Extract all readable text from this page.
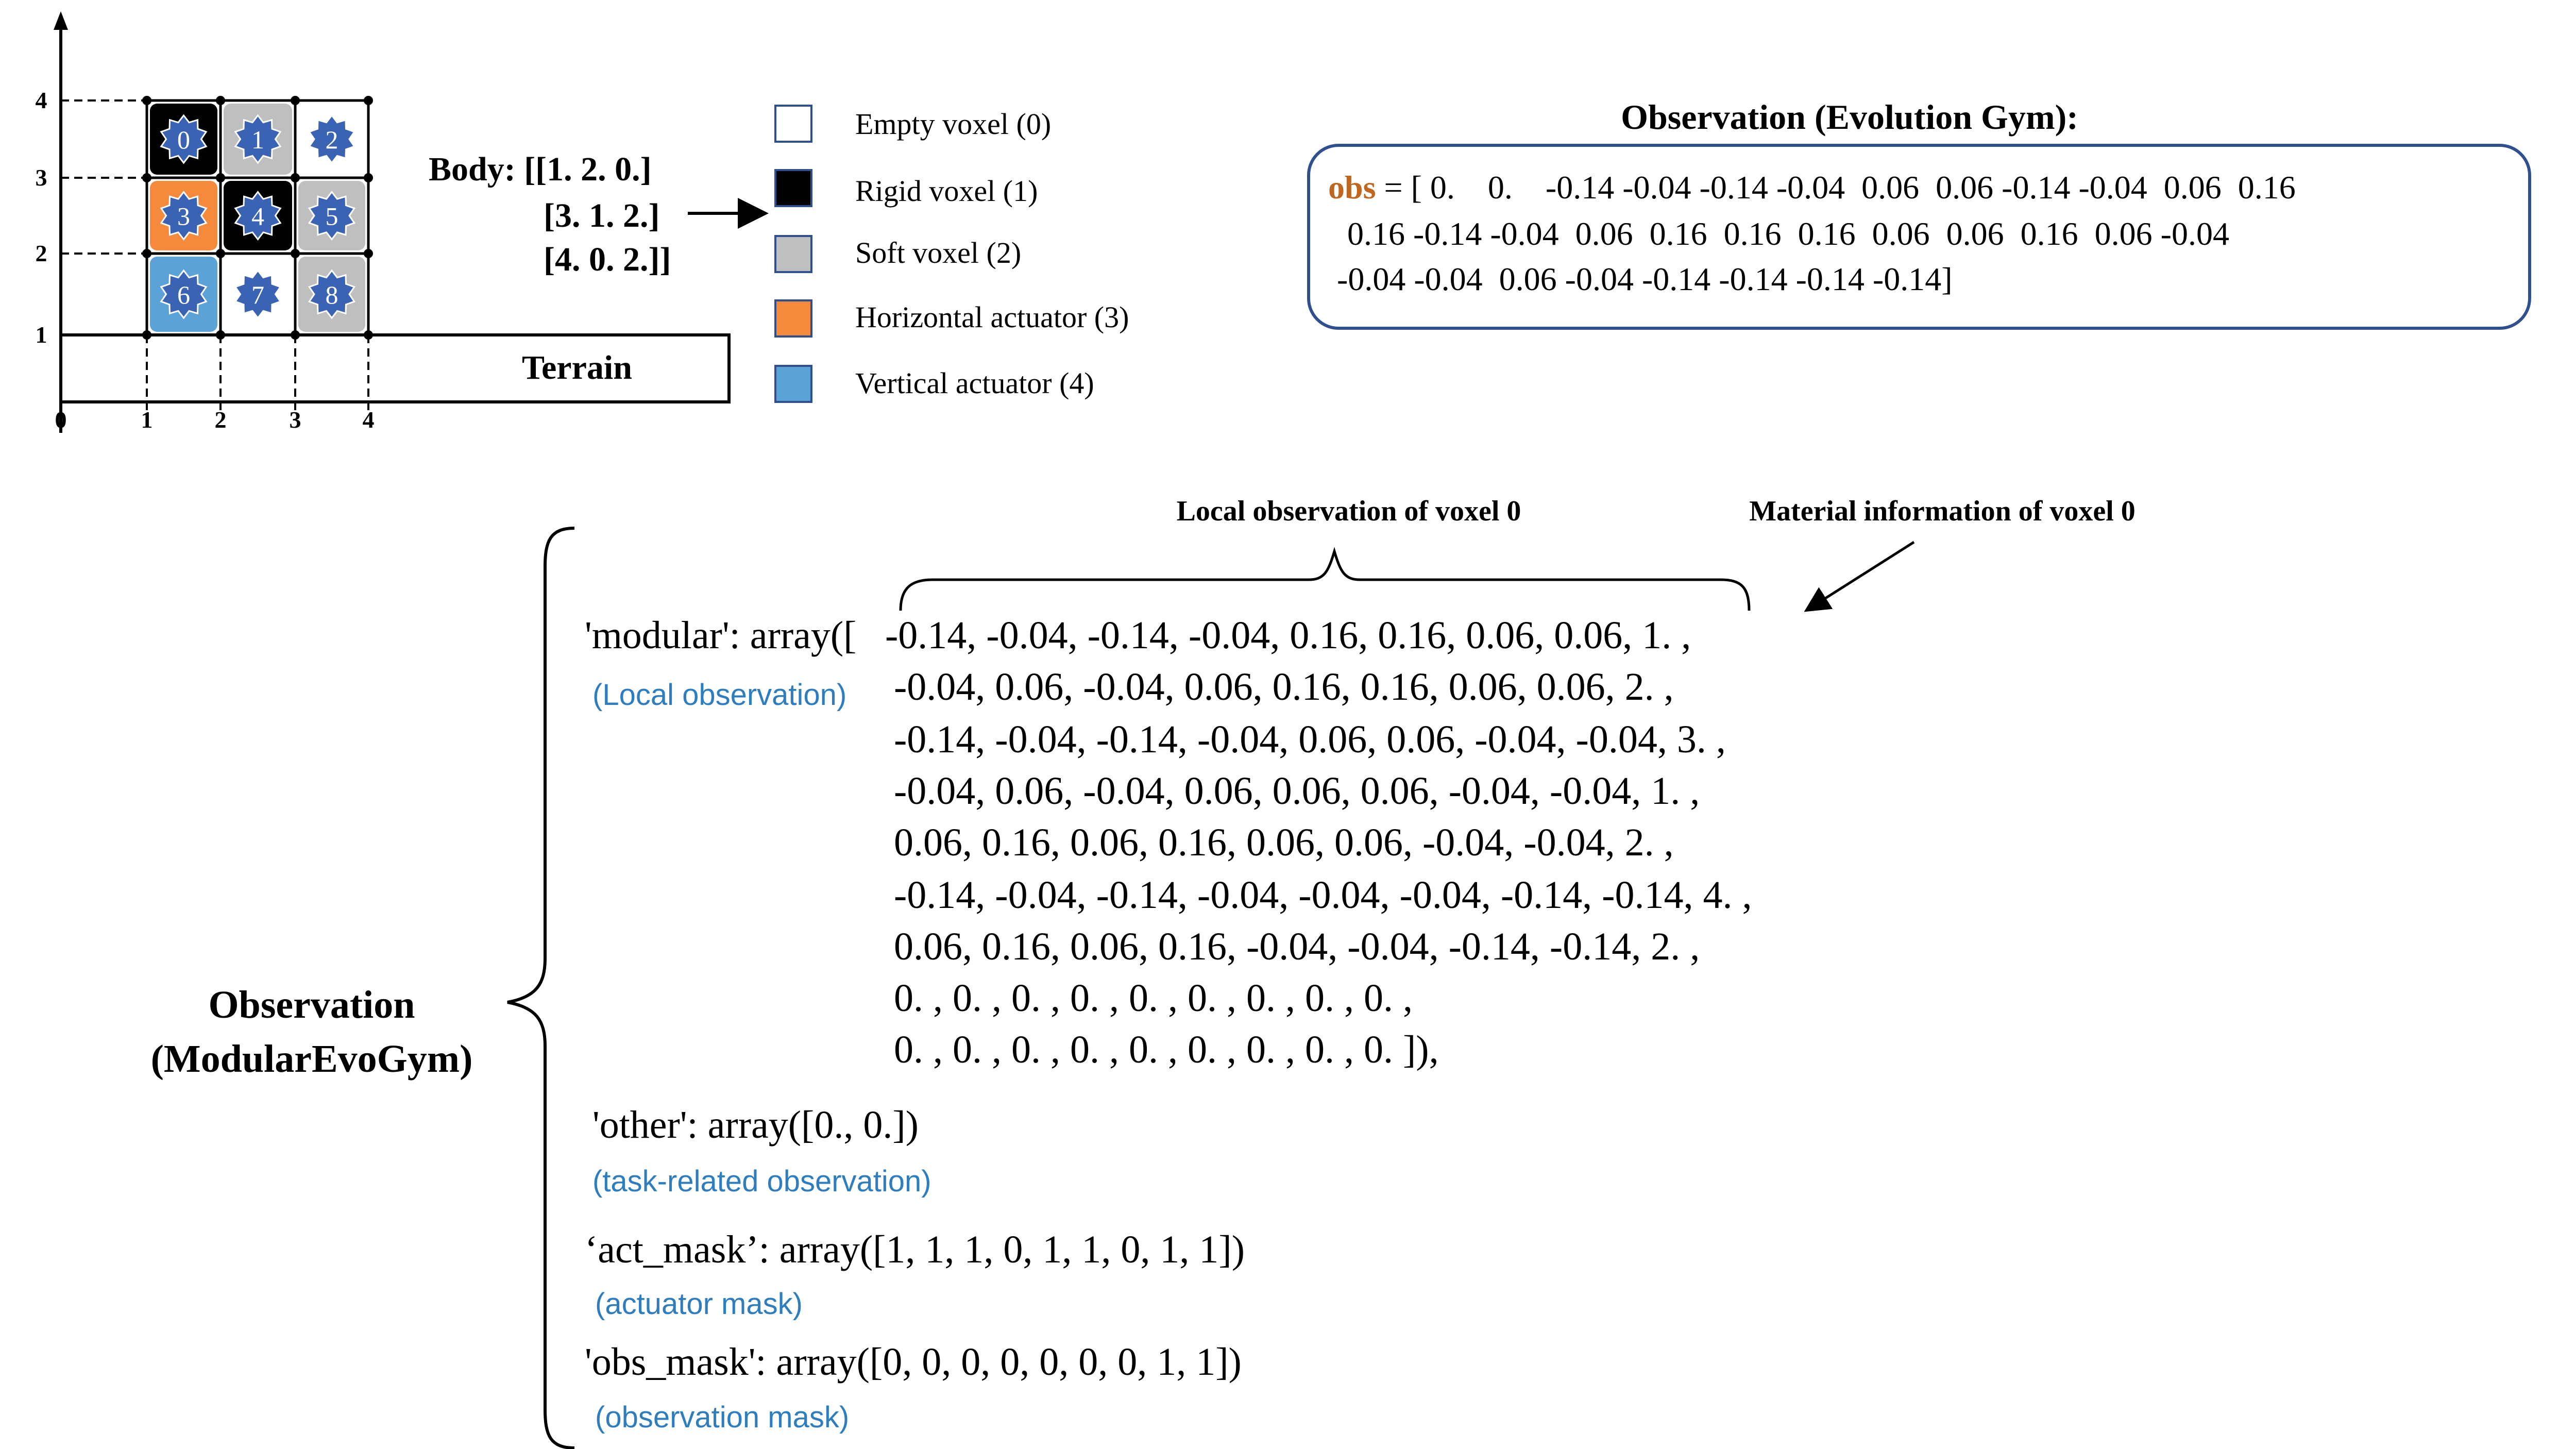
Terrain
0 1 2
3 4 5
6 7 8
4
3
2
1
0	1	2	3	4
Body: [[1. 2. 0.]
[3. 1. 2.]
[4. 0. 2.]]
Empty voxel (0)
Rigid voxel (1)
Soft voxel (2)
Horizontal actuator (3)
Vertical actuator (4)
Observation (Evolution Gym):
obs = [ 0.    0.    -0.14 -0.04 -0.14 -0.04  0.06  0.06 -0.14 -0.04  0.06  0.16
0.16 -0.14 -0.04  0.06  0.16  0.16  0.16  0.06  0.06  0.16  0.06 -0.04
-0.04 -0.04  0.06 -0.04 -0.14 -0.14 -0.14 -0.14]
Observation
(ModularEvoGym)
Local observation of voxel 0	Material information of voxel 0
'modular': array([ -0.14, -0.04, -0.14, -0.04, 0.16, 0.16, 0.06, 0.06, 1. ,
-0.04, 0.06, -0.04, 0.06, 0.16, 0.16, 0.06, 0.06, 2. ,
-0.14, -0.04, -0.14, -0.04, 0.06, 0.06, -0.04, -0.04, 3. ,
-0.04, 0.06, -0.04, 0.06, 0.06, 0.06, -0.04, -0.04, 1. ,
0.06, 0.16, 0.06, 0.16, 0.06, 0.06, -0.04, -0.04, 2. ,
-0.14, -0.04, -0.14, -0.04, -0.04, -0.04, -0.14, -0.14, 4. ,
0.06, 0.16, 0.06, 0.16, -0.04, -0.04, -0.14, -0.14, 2. ,
0. , 0. , 0. , 0. , 0. , 0. , 0. , 0. , 0. ,
0. , 0. , 0. , 0. , 0. , 0. , 0. , 0. , 0. ]),
(Local observation)
'other': array([0., 0.])
(task-related observation)
‘act_mask’: array([1, 1, 1, 0, 1, 1, 0, 1, 1])
(actuator mask)
'obs_mask': array([0, 0, 0, 0, 0, 0, 0, 1, 1])
(observation mask)
